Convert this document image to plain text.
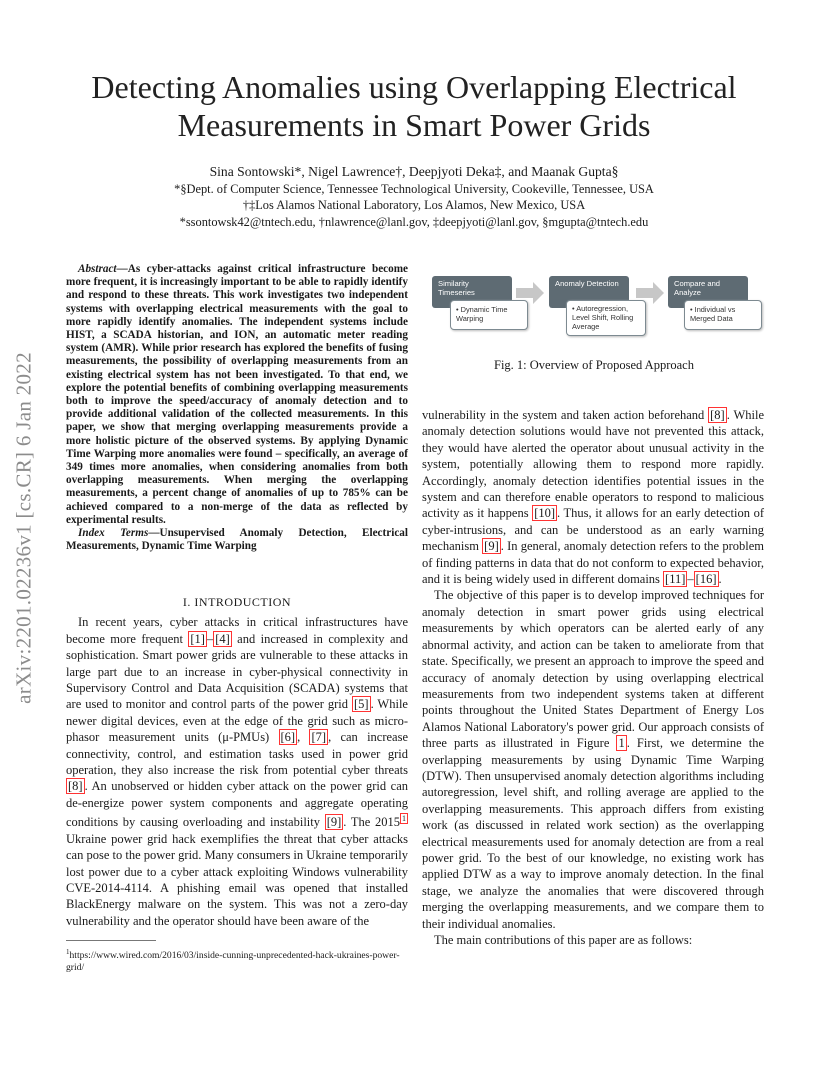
arXiv:2201.02236v1 [cs.CR] 6 Jan 2022
Detecting Anomalies using Overlapping Electrical Measurements in Smart Power Grids
Sina Sontowski*, Nigel Lawrence†, Deepjyoti Deka‡, and Maanak Gupta§
*§Dept. of Computer Science, Tennessee Technological University, Cookeville, Tennessee, USA
†‡Los Alamos National Laboratory, Los Alamos, New Mexico, USA
*ssontowsk42@tntech.edu, †nlawrence@lanl.gov, ‡deepjyoti@lanl.gov, §mgupta@tntech.edu

Abstract—As cyber-attacks against critical infrastructure become more frequent, it is increasingly important to be able to rapidly identify and respond to these threats. This work investigates two independent systems with overlapping electrical measurements with the goal to more rapidly identify anomalies. The independent systems include HIST, a SCADA historian, and ION, an automatic meter reading system (AMR). While prior research has explored the benefits of fusing measurements, the possibility of overlapping measurements from an existing electrical system has not been investigated. To that end, we explore the potential benefits of combining overlapping measurements both to improve the speed/accuracy of anomaly detection and to provide additional validation of the collected measurements. In this paper, we show that merging overlapping measurements provide a more holistic picture of the observed systems. By applying Dynamic Time Warping more anomalies were found – specifically, an average of 349 times more anomalies, when considering anomalies from both overlapping measurements. When merging the overlapping measurements, a percent change of anomalies of up to 785% can be achieved compared to a non-merge of the data as reflected by experimental results.

Index Terms—Unsupervised Anomaly Detection, Electrical Measurements, Dynamic Time Warping

I. INTRODUCTION

In recent years, cyber attacks in critical infrastructures have become more frequent [1] – [4] and increased in complexity and sophistication. Smart power grids are vulnerable to these attacks in large part due to an increase in cyber-physical connectivity in Supervisory Control and Data Acquisition (SCADA) systems that are used to monitor and control parts of the power grid [5] . While newer digital devices, even at the edge of the grid such as micro-phasor measurement units (μ-PMUs) [6] , [7] , can increase connectivity, control, and estimation tasks used in power grid operation, they also increase the risk from potential cyber threats [8] . An unobserved or hidden cyber attack on the power grid can de-energize power system components and aggregate operating conditions by causing overloading and instability [9] . The 2015 $^1$ Ukraine power grid hack exemplifies the threat that cyber attacks can pose to the power grid. Many consumers in Ukraine temporarily lost power due to a cyber attack exploiting Windows vulnerability CVE-2014-4114. A phishing email was opened that installed BlackEnergy malware on the system. This was not a zero-day vulnerability and the operator should have been aware of the

$^1$https://www.wired.com/2016/03/inside-cunning-unprecedented-hack-ukraines-power-grid/
Similarity Timeseries
• Dynamic Time Warping
Anomaly Detection
• Autoregression, Level Shift, Rolling Average
Compare and Analyze
• Individual vs Merged Data
Fig. 1: Overview of Proposed Approach

vulnerability in the system and taken action beforehand [8] . While anomaly detection solutions would have not prevented this attack, they would have alerted the operator about unusual activity in the system, potentially allowing them to respond more rapidly. Accordingly, anomaly detection identifies potential issues in the system and can therefore enable operators to respond to malicious activity as it happens [10] . Thus, it allows for an early detection of cyber-intrusions, and can be understood as an early warning mechanism [9] . In general, anomaly detection refers to the problem of finding patterns in data that do not conform to expected behavior, and it is being widely used in different domains [11] – [16] .

The objective of this paper is to develop improved techniques for anomaly detection in smart power grids using electrical measurements by which operators can be alerted early of any abnormal activity, and action can be taken to ameliorate from that state. Specifically, we present an approach to improve the speed and accuracy of anomaly detection by using overlapping electrical measurements from two independent systems taken at different points throughout the United States Department of Energy Los Alamos National Laboratory's power grid. Our approach consists of three parts as illustrated in Figure 1 . First, we determine the overlapping measurements by using Dynamic Time Warping (DTW). Then unsupervised anomaly detection algorithms including autoregression, level shift, and rolling average are applied to the overlapping measurements. This approach differs from existing work (as discussed in related work section) as the overlapping electrical measurements used for anomaly detection are from a real power grid. To the best of our knowledge, no existing work has applied DTW as a way to improve anomaly detection. In the final stage, we analyze the anomalies that were discovered through merging the overlapping measurements, and we compare them to their individual anomalies.

The main contributions of this paper are as follows:
